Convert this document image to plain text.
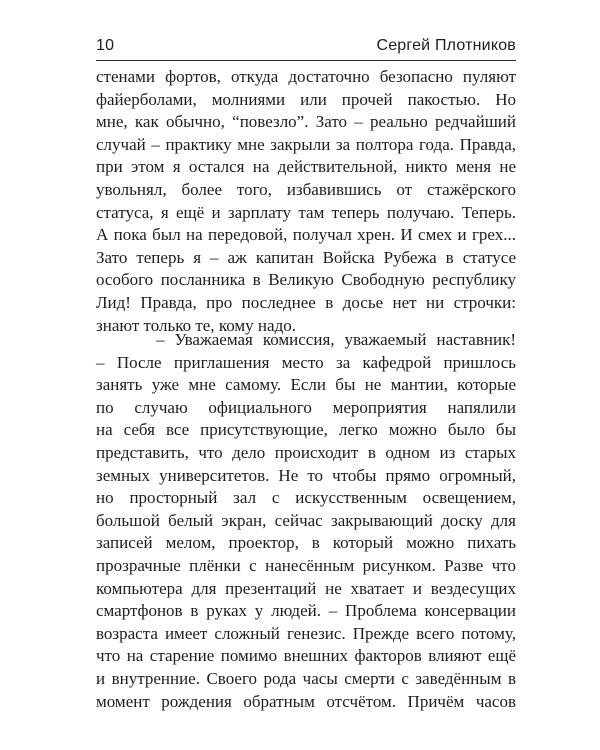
10	Сергей Плотников
стенами фортов, откуда достаточно безопасно пуляют
файерболами, молниями или прочей пакостью. Но
мне, как обычно, “повезло”. Зато – реально редчайший
случай – практику мне закрыли за полтора года. Правда,
при этом я остался на действительной, никто меня не
увольнял, более того, избавившись от стажёрского
статуса, я ещё и зарплату там теперь получаю. Теперь.
А пока был на передовой, получал хрен. И смех и грех...
Зато теперь я – аж капитан Войска Рубежа в статусе
особого посланника в Великую Свободную республику
Лид! Правда, про последнее в досье нет ни строчки:
знают только те, кому надо.
– Уважаемая комиссия, уважаемый наставник!
– После приглашения место за кафедрой пришлось
занять уже мне самому. Если бы не мантии, которые
по случаю официального мероприятия напялили
на себя все присутствующие, легко можно было бы
представить, что дело происходит в одном из старых
земных университетов. Не то чтобы прямо огромный,
но просторный зал с искусственным освещением,
большой белый экран, сейчас закрывающий доску для
записей мелом, проектор, в который можно пихать
прозрачные плёнки с нанесённым рисунком. Разве что
компьютера для презентаций не хватает и вездесущих
смартфонов в руках у людей. – Проблема консервации
возраста имеет сложный генезис. Прежде всего потому,
что на старение помимо внешних факторов влияют ещё
и внутренние. Своего рода часы смерти с заведённым в
момент рождения обратным отсчётом. Причём часов
